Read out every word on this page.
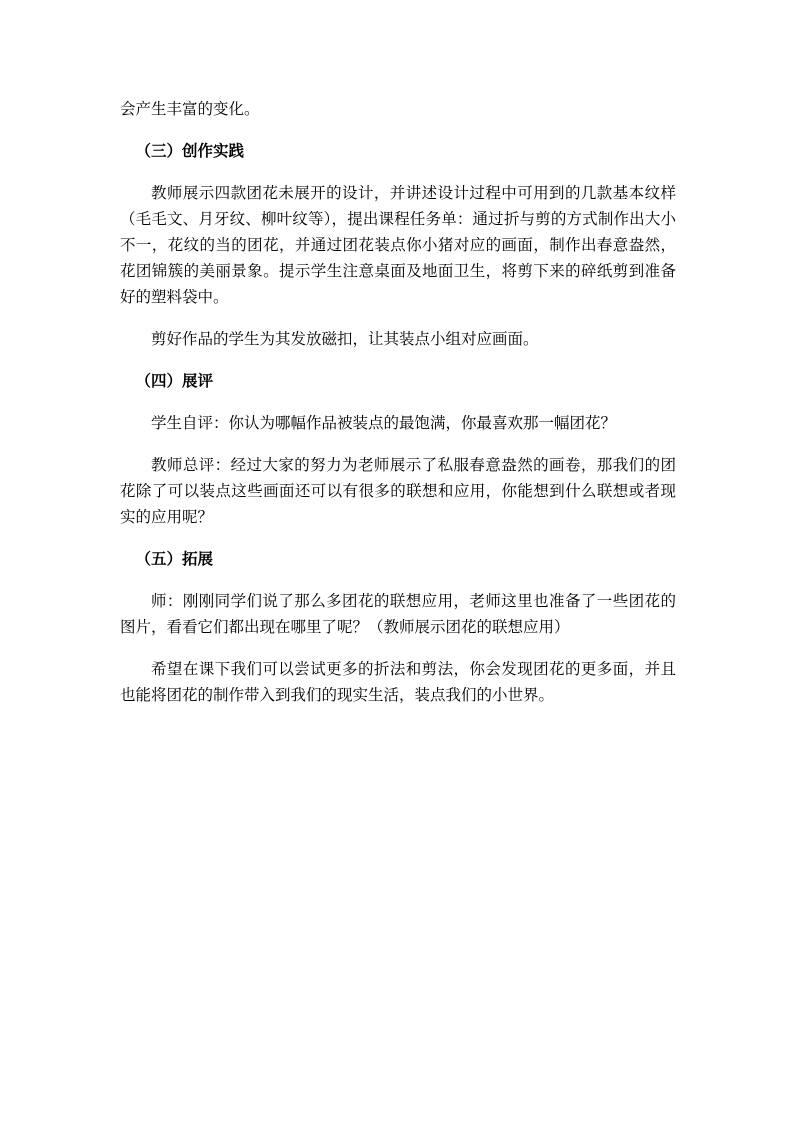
会产生丰富的变化。

（三）创作实践

教师展示四款团花未展开的设计，并讲述设计过程中可用到的几款基本纹样（毛毛文、月牙纹、柳叶纹等），提出课程任务单：通过折与剪的方式制作出大小不一，花纹的当的团花，并通过团花装点你小猪对应的画面，制作出春意盎然，花团锦簇的美丽景象。提示学生注意桌面及地面卫生，将剪下来的碎纸剪到准备好的塑料袋中。

剪好作品的学生为其发放磁扣，让其装点小组对应画面。

（四）展评

学生自评：你认为哪幅作品被装点的最饱满，你最喜欢那一幅团花？

教师总评：经过大家的努力为老师展示了私服春意盎然的画卷，那我们的团花除了可以装点这些画面还可以有很多的联想和应用，你能想到什么联想或者现实的应用呢？

（五）拓展

师：刚刚同学们说了那么多团花的联想应用，老师这里也准备了一些团花的图片，看看它们都出现在哪里了呢？（教师展示团花的联想应用）

希望在课下我们可以尝试更多的折法和剪法，你会发现团花的更多面，并且也能将团花的制作带入到我们的现实生活，装点我们的小世界。
